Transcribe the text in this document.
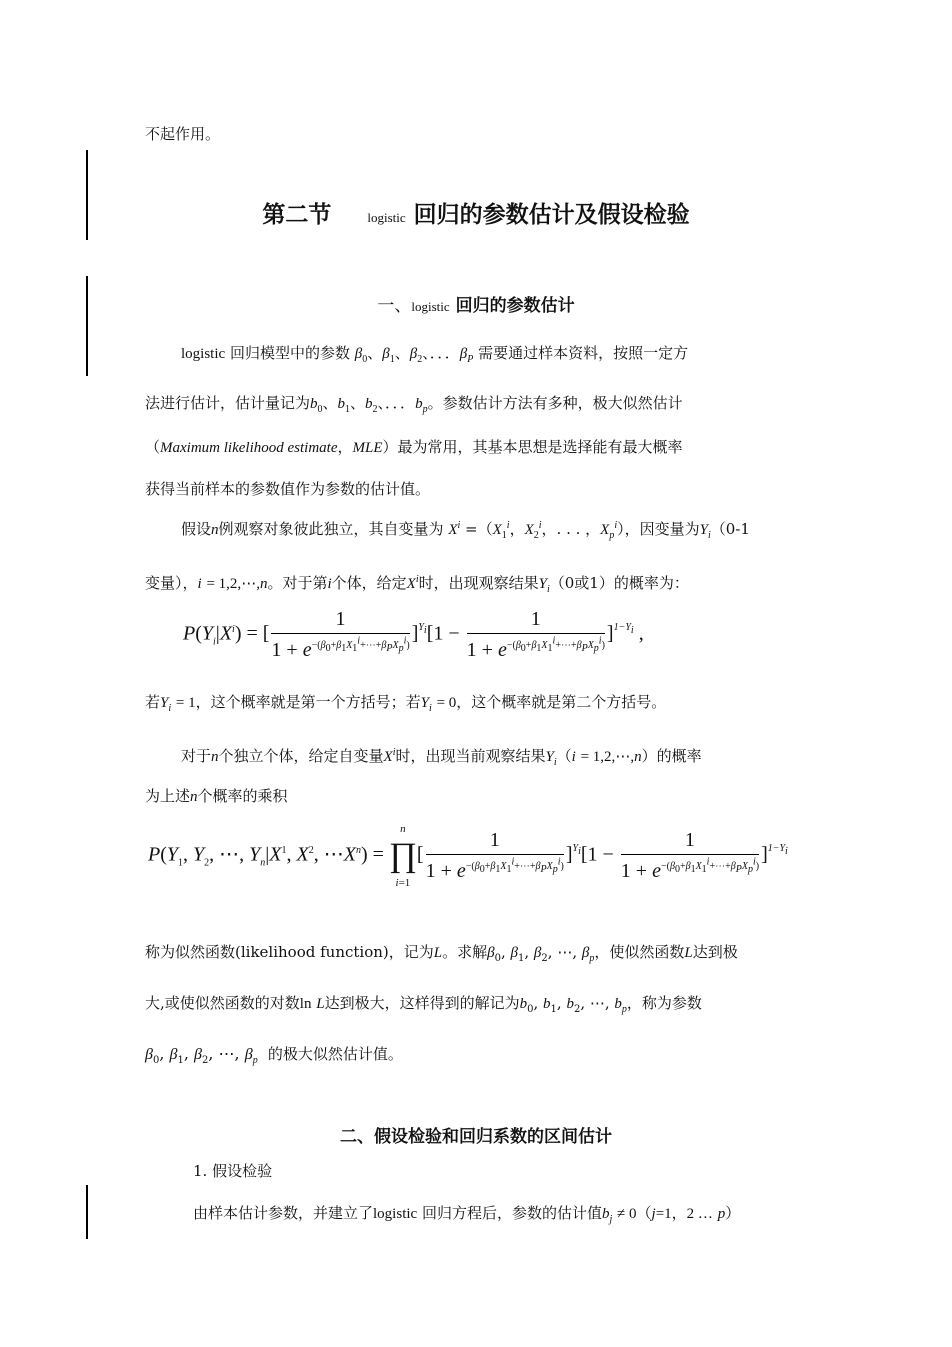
不起作用。
第二节	logistic 回归的参数估计及假设检验
一、logistic 回归的参数估计
logistic 回归模型中的参数 $\beta_0$、$\beta_1$、$\beta_2$、．．．$\beta_P$ 需要通过样本资料，按照一定方
法进行估计，估计量记为$b_0$、$b_1$、$b_2$、．．．$b_p$。参数估计方法有多种，极大似然估计
（Maximum likelihood estimate，MLE）最为常用，其基本思想是选择能有最大概率
获得当前样本的参数值作为参数的估计值。
假设n例观察对象彼此独立，其自变量为 $X^i =(X_1^i$，$X_2^i$，. . . ，$X_p^i$），因变量为$Y_i(0-1$
变量），i = 1,2,⋯,n。对于第i个体，给定$X^i$时，出现观察结果$Y_i(0$或1）的概率为：
$P(Y_i|X^i)$ = [ $\frac{1}{1 + e^{-(\beta_0+\beta_1X_1^i+\cdots+\beta_PX_p^i)}} ]^{Y_i}[1 - \frac{1}{1 + e^{-(\beta_0+\beta_1X_1^i+\cdots+\beta_PX_p^i)}} ]^{1-Y_i}$ ,
若$Y_i = 1$，这个概率就是第一个方括号；若$Y_i = 0$，这个概率就是第二个方括号。
对于n个独立个体，给定自变量$X^i$时，出现当前观察结果$Y_i(i$ = 1,2,⋯,n）的概率
为上述n个概率的乘积
$P(Y_1$, $Y_2$, ⋯, $Y_n|X^1$, $X^2$, $\cdots X^n$) =
n
∏
i=1
[ $\frac{1}{1 + e^{-(\beta_0+\beta_1X_1^i+\cdots+\beta_PX_p^i)}} ]^{Y_i}[1 - \frac{1}{1 + e^{-(\beta_0+\beta_1X_1^i+\cdots+\beta_PX_p^i)}} ]^{1-Y_i}$
称为似然函数(likelihood function)，记为L。求解$\beta_0$, $\beta_1$, $\beta_2$, ⋯, $\beta_p$，使似然函数L达到极
大,或使似然函数的对数ln L达到极大，这样得到的解记为$b_0$, $b_1$, $b_2$, ⋯, $b_p$，称为参数
$\beta_0$, $\beta_1$, $\beta_2$, ⋯, $\beta_p$ 的极大似然估计值。
二、假设检验和回归系数的区间估计
1. 假设检验
由样本估计参数，并建立了logistic 回归方程后，参数的估计值$b_j \ne 0(j=1$，2 … p）
